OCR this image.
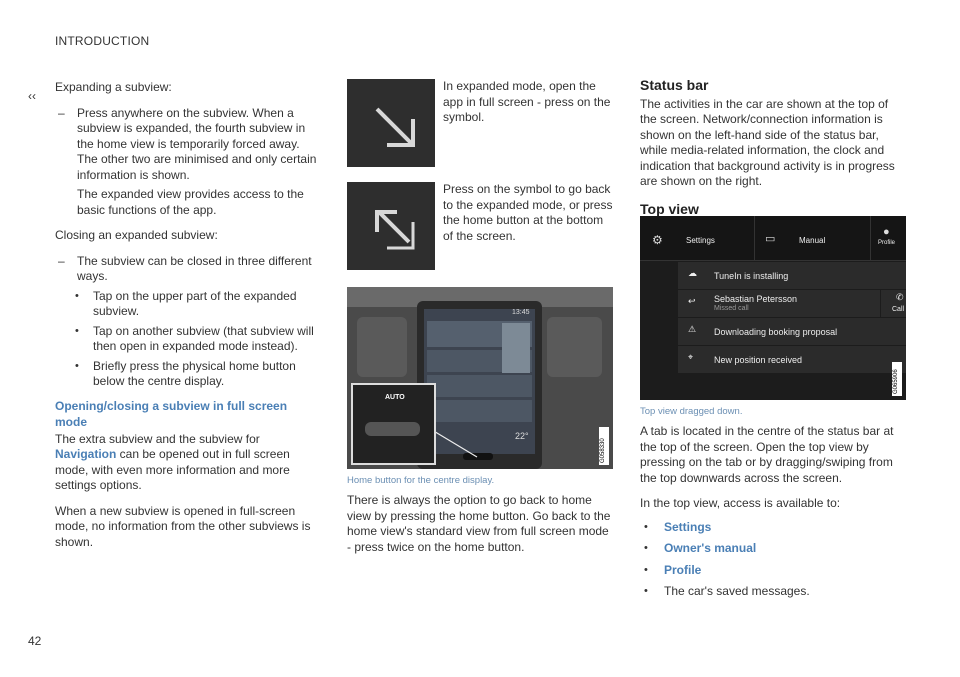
INTRODUCTION
‹‹
42

Expanding a subview:

– Press anywhere on the subview. When a subview is expanded, the fourth subview in the home view is temporarily forced away. The other two are minimised and only certain information is shown.

The expanded view provides access to the basic functions of the app.

Closing an expanded subview:

– The subview can be closed in three different ways.
• Tap on the upper part of the expanded subview.
• Tap on another subview (that subview will then open in expanded mode instead).
• Briefly press the physical home button below the centre display.
Opening/closing a subview in full screen mode

The extra subview and the subview for
Navigation can be opened out in full screen mode, with even more information and more settings options.

When a new subview is opened in full-screen mode, no information from the other subviews is shown.

In expanded mode, open the app in full screen - press on the symbol.
Press on the symbol to go back to the expanded mode, or press the home button at the bottom of the screen.
AUTO
13:45
22°
G058330
Home button for the centre display.
There is always the option to go back to home view by pressing the home button. Go back to the home view's standard view from full screen mode - press twice on the home button.
Status bar

The activities in the car are shown at the top of the screen. Network/connection information is shown on the left-hand side of the status bar, while media-related information, the clock and indication that background activity is in progress are shown on the right.

Top view
⚙	Settings	▭	Manual
●
Profile
☁ TuneIn is installing
↩ Sebastian Petersson
Missed call
✆
Call
⚠ Downloading booking proposal
⌖ New position received
G065906
Top view dragged down.

A tab is located in the centre of the status bar at the top of the screen. Open the top view by pressing on the tab or by dragging/swiping from the top downwards across the screen.

In the top view, access is available to:

• Settings
• Owner's manual
• Profile
• The car's saved messages.
